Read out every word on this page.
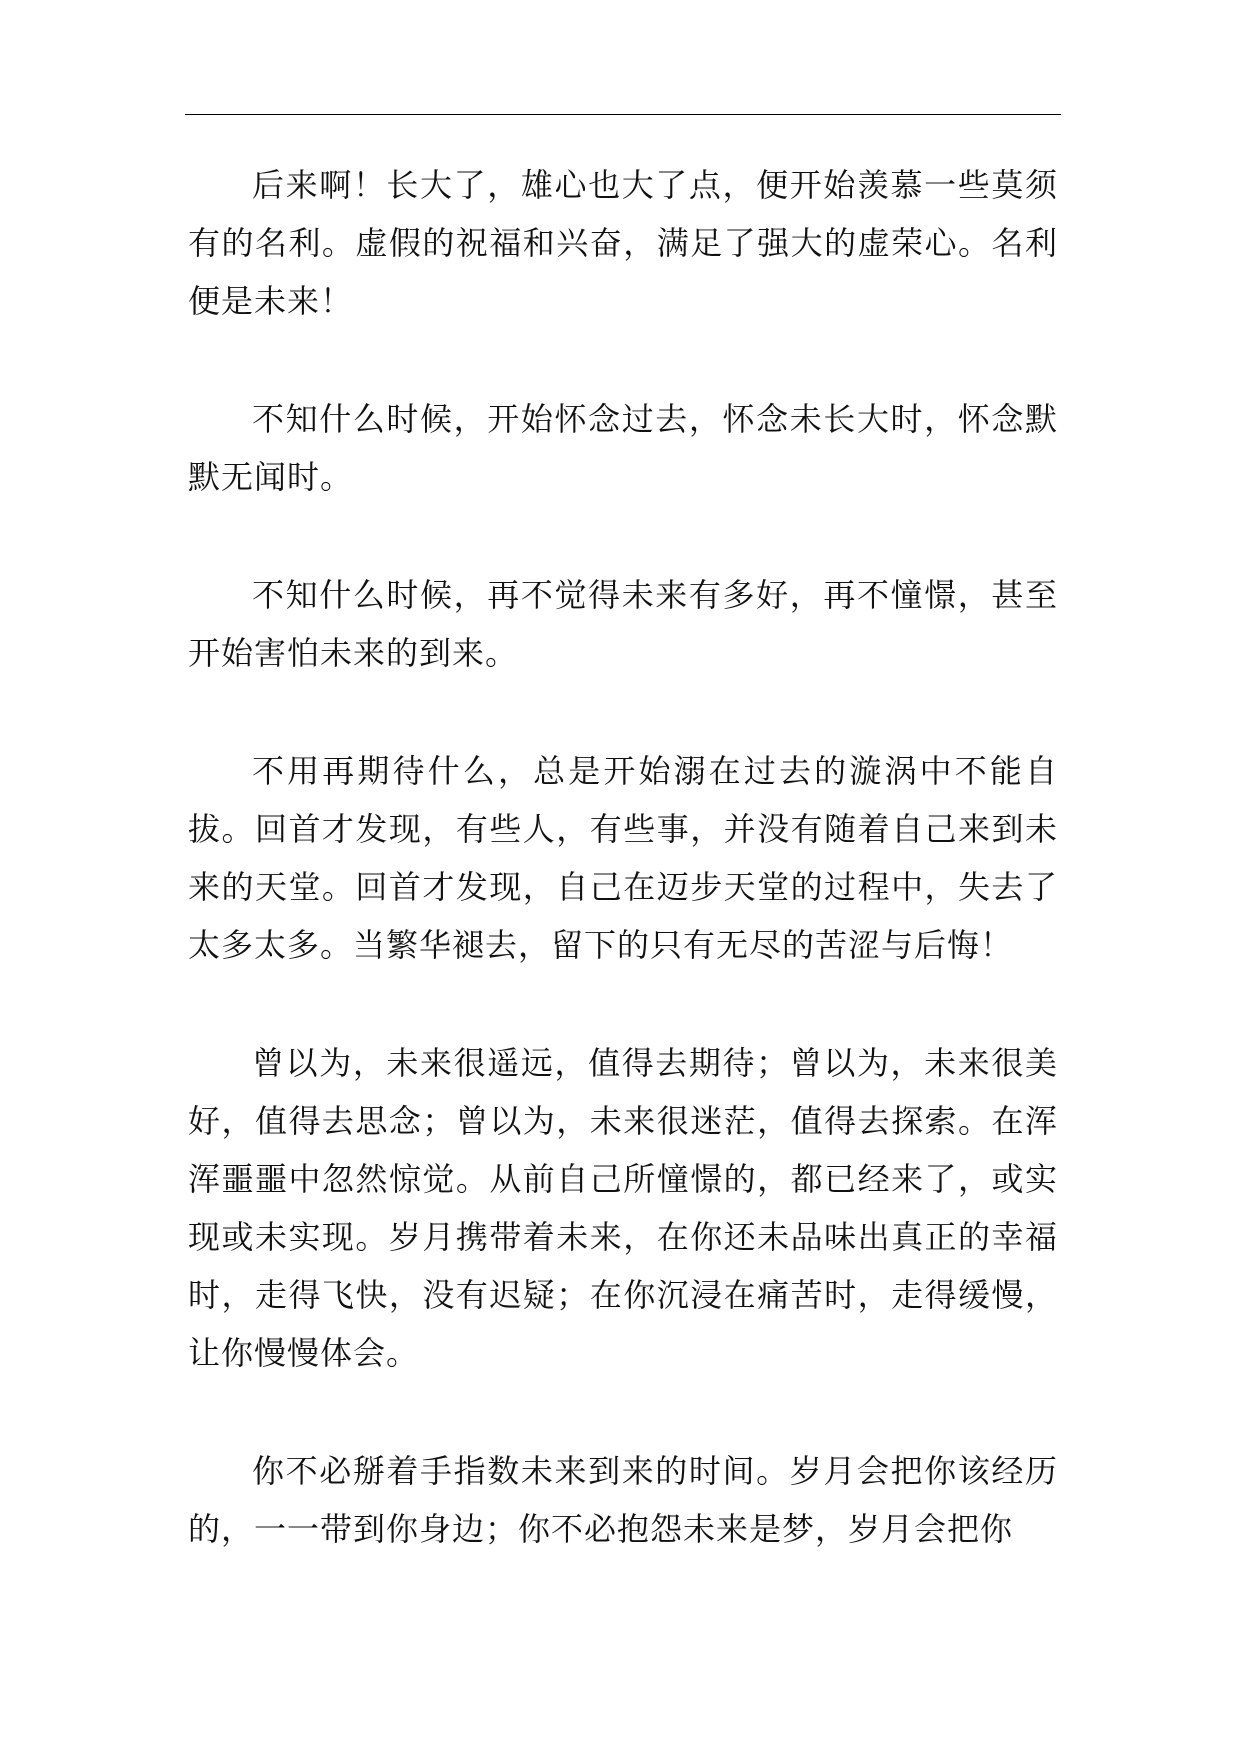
后来啊！长大了，雄心也大了点，便开始羡慕一些莫须有的名利。虚假的祝福和兴奋，满足了强大的虚荣心。名利便是未来！

不知什么时候，开始怀念过去，怀念未长大时，怀念默默无闻时。

不知什么时候，再不觉得未来有多好，再不憧憬，甚至开始害怕未来的到来。

不用再期待什么，总是开始溺在过去的漩涡中不能自拔。回首才发现，有些人，有些事，并没有随着自己来到未来的天堂。回首才发现，自己在迈步天堂的过程中，失去了太多太多。当繁华褪去，留下的只有无尽的苦涩与后悔！

曾以为，未来很遥远，值得去期待；曾以为，未来很美好，值得去思念；曾以为，未来很迷茫，值得去探索。在浑浑噩噩中忽然惊觉。从前自己所憧憬的，都已经来了，或实现或未实现。岁月携带着未来，在你还未品味出真正的幸福时，走得飞快，没有迟疑；在你沉浸在痛苦时，走得缓慢，让你慢慢体会。

你不必掰着手指数未来到来的时间。岁月会把你该经历的，一一带到你身边；你不必抱怨未来是梦，岁月会把你
